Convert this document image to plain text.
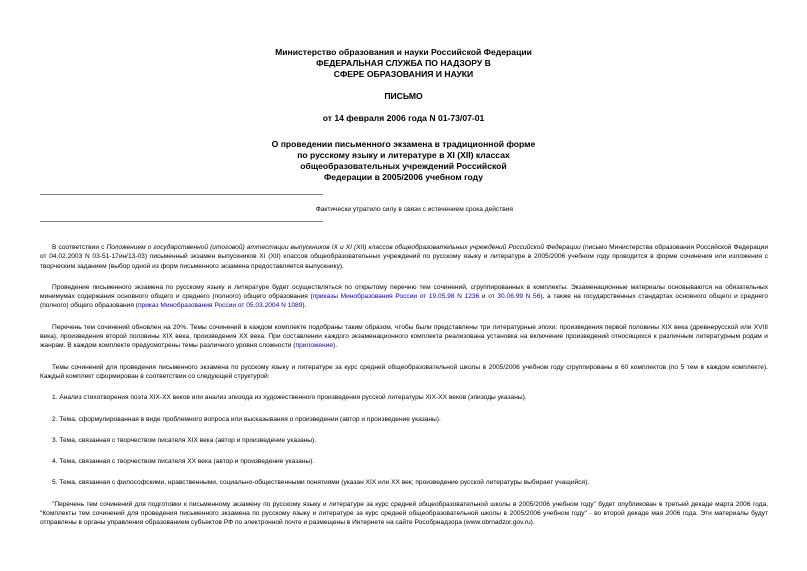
Министерство образования и науки Российской Федерации
ФЕДЕРАЛЬНАЯ СЛУЖБА ПО НАДЗОРУ В
СФЕРЕ ОБРАЗОВАНИЯ И НАУКИ
ПИСЬМО
от 14 февраля 2006 года N 01-73/07-01
О проведении письменного экзамена в традиционной форме
по русскому языку и литературе в XI (XII) классах
общеобразовательных учреждений Российской
Федерации в 2005/2006 учебном году
Фактически утратило силу в связи с истечением срока действия

В соответствии с Положением о государственной (итоговой) аттестации выпускников IX и XI (XII) классов общеобразовательных учреждений Российской Федерации (письмо Министерства образования Российской Федерации от 04.02.2003 N 03-51-17ин/13-03) письменный экзамен выпускников XI (XII) классов общеобразовательных учреждений по русскому языку и литературе в 2005/2006 учебном году проводится в форме сочинения или изложения с творческим заданием (выбор одной из форм письменного экзамена предоставляется выпускнику).

Проведение письменного экзамена по русскому языку и литературе будет осуществляться по открытому перечню тем сочинений, сгруппированных в комплекты. Экзаменационные материалы основываются на обязательных минимумах содержания основного общего и среднего (полного) общего образования (приказы Минобразования России от 19.05.98 N 1236 и от 30.06.99 N 56), а также на государственных стандартах основного общего и среднего (полного) общего образования (приказ Минобразования России от 05.03.2004 N 1089).

Перечень тем сочинений обновлен на 20%. Темы сочинений в каждом комплекте подобраны таким образом, чтобы были представлены три литературные эпохи: произведения первой половины XIX века (древнерусской или XVIII века), произведения второй половины XIX века, произведения XX века. При составлении каждого экзаменационного комплекта реализована установка на включение произведений относящихся к различным литературным родам и жанрам. В каждом комплекте предусмотрены темы различного уровня сложности (приложение).

Темы сочинений для проведения письменного экзамена по русскому языку и литературе за курс средней общеобразовательной школы в 2005/2006 учебном году сгруппированы в 60 комплектов (по 5 тем в каждом комплекте). Каждый комплект сформирован в соответствии со следующей структурой:

1. Анализ стихотворения поэта XIX-XX веков или анализ эпизода из художественного произведения русской литературы XIX-XX веков (эпизоды указаны).

2. Тема, сформулированная в виде проблемного вопроса или высказывания о произведении (автор и произведение указаны).

3. Тема, связанная с творчеством писателя XIX века (автор и произведение указаны).

4. Тема, связанная с творчеством писателя XX века (автор и произведение указаны).

5. Тема, связанная с философскими, нравственными, социально-общественными понятиями (указан XIX или XX век; произведение русской литературы выбирает учащийся).

"Перечень тем сочинений для подготовки к письменному экзамену по русскому языку и литературе за курс средней общеобразовательной школы в 2005/2006 учебном году" будет опубликован в третьей декаде марта 2006 года, "Комплекты тем сочинений для проведения письменного экзамена по русскому языку и литературе за курс средней общеобразовательной школы в 2005/2006 учебном году" - во второй декаде мая 2006 года. Эти материалы будут отправлены в органы управления образованием субъектов РФ по электронной почте и размещены в Интернете на сайте Рособрнадзора (www.obrnadzor.gov.ru).
